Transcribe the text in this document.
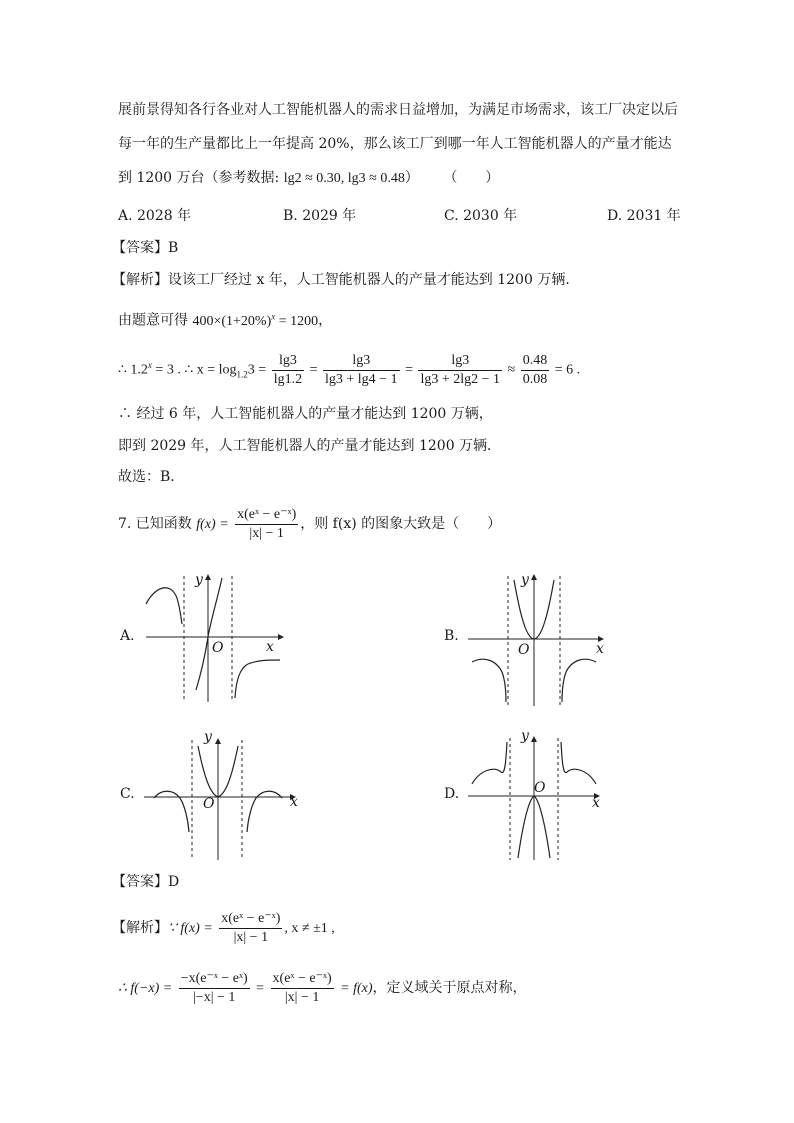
展前景得知各行各业对人工智能机器人的需求日益增加，为满足市场需求，该工厂决定以后
每一年的生产量都比上一年提高 20%，那么该工厂到哪一年人工智能机器人的产量才能达
到 1200 万台（参考数据: lg2 ≈ 0.30, lg3 ≈ 0.48） （　　）
A. 2028 年	B. 2029 年	C. 2030 年	D. 2031 年
【答案】B
【解析】设该工厂经过 x 年，人工智能机器人的产量才能达到 1200 万辆．
由题意可得 $400\times(1+20\%)^x = 1200$，
∴ $1.2^x = 3$ . ∴ $x = \log_{1.2}3 = \frac{\lg 3}{\lg 1.2} = \frac{\lg 3}{\lg 3 + \lg 4 - 1} = \frac{\lg 3}{\lg 3 + 2\lg 2 - 1} \approx \frac{0.48}{0.08} = 6$ .
∴ 经过 6 年，人工智能机器人的产量才能达到 1200 万辆，
即到 2029 年，人工智能机器人的产量才能达到 1200 万辆．
故选：B．
7. 已知函数 $f(x) = \frac{\text{x(eˣ − e⁻ˣ)}}{|x| - 1}$ ，则 f(x) 的图象大致是（　　）
A.
y
x
O
B.
y
x
O
C.
y
x
O
D.
y
x
O
【答案】D
【解析】∵ $f(x) = \frac{\text{x(eˣ − e⁻ˣ)}}{|x| - 1}$ , x ≠ ±1 ,
∴ $f(-x) = \frac{\text{−x(e⁻ˣ − eˣ)}}{|-x| - 1} = \frac{\text{x(eˣ − e⁻ˣ)}}{|x| - 1} = f(x)$，定义域关于原点对称，
